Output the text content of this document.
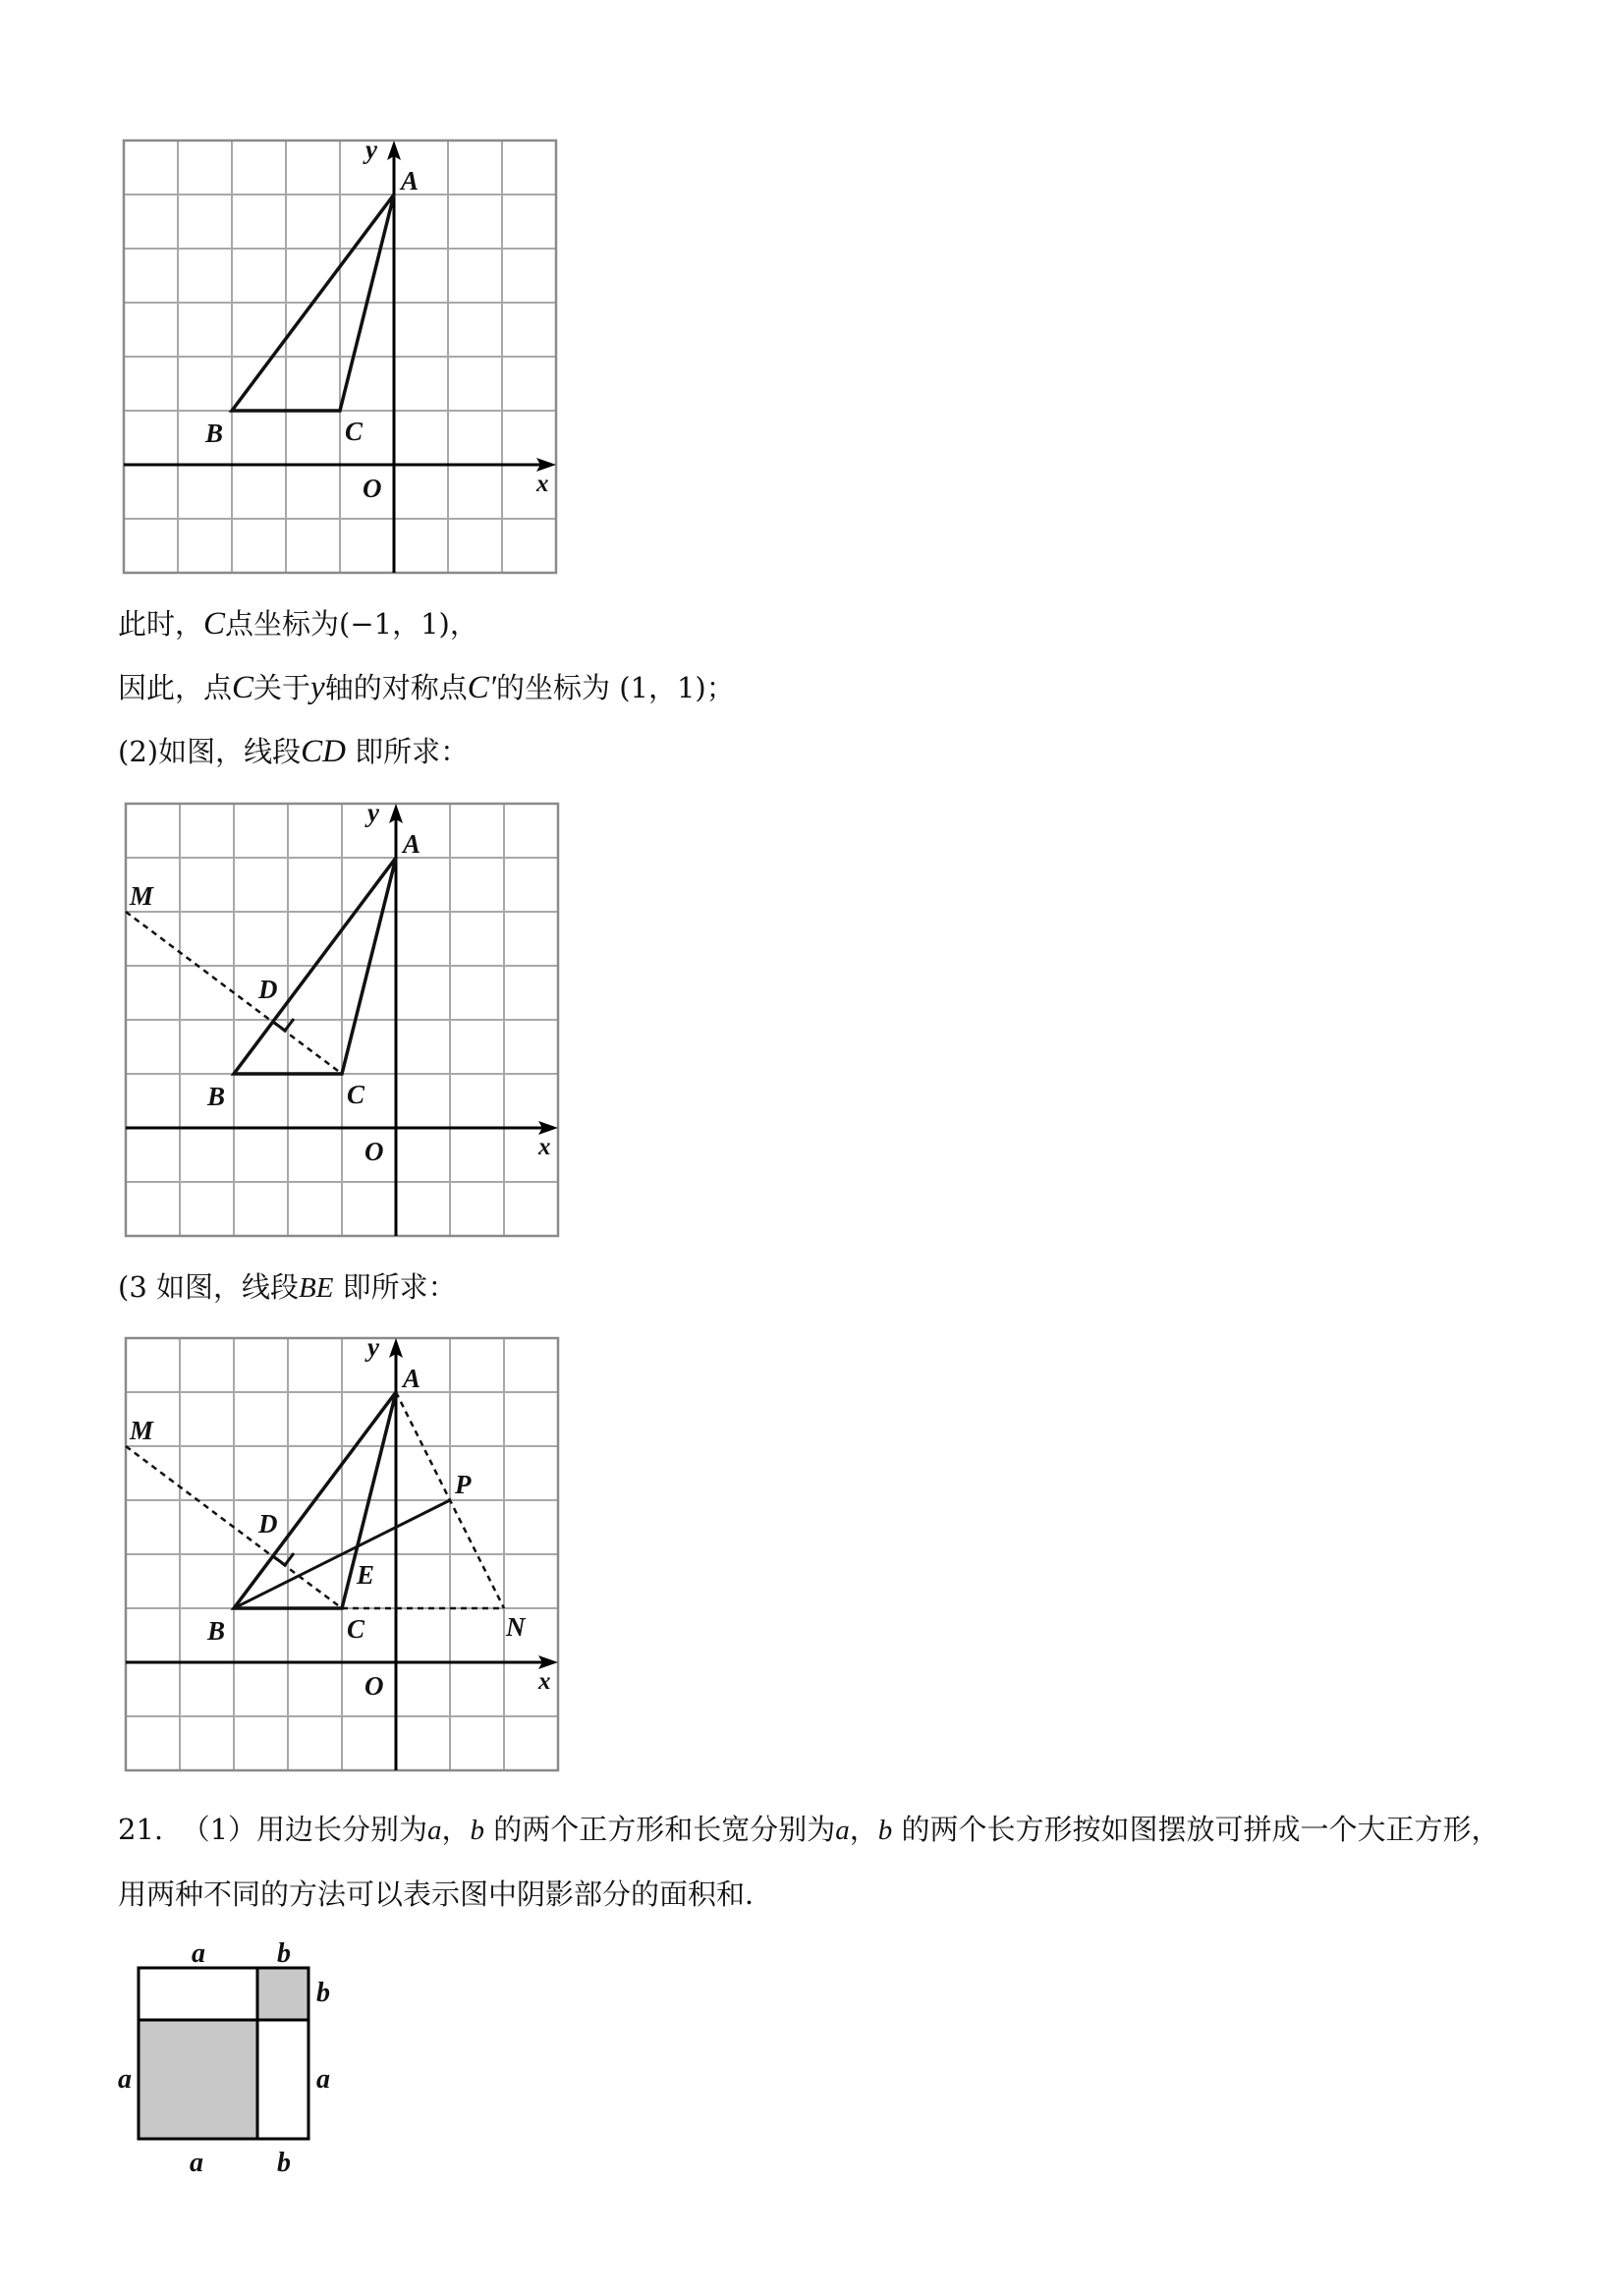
y
A
B	C
O	x
此时，C点坐标为(−1，1)，
因此，点C关于y轴的对称点C′的坐标为 (1，1)；
(2)如图，线段CD 即所求：
y
A
M
D
B	C
O	x
(3 如图，线段BE 即所求：
y
A
M
P
D
E
B	C	N
O	x
21. （1）用边长分别为a，b 的两个正方形和长宽分别为a，b 的两个长方形按如图摆放可拼成一个大正方形，
用两种不同的方法可以表示图中阴影部分的面积和．
a	b
b
a
a
a	b
